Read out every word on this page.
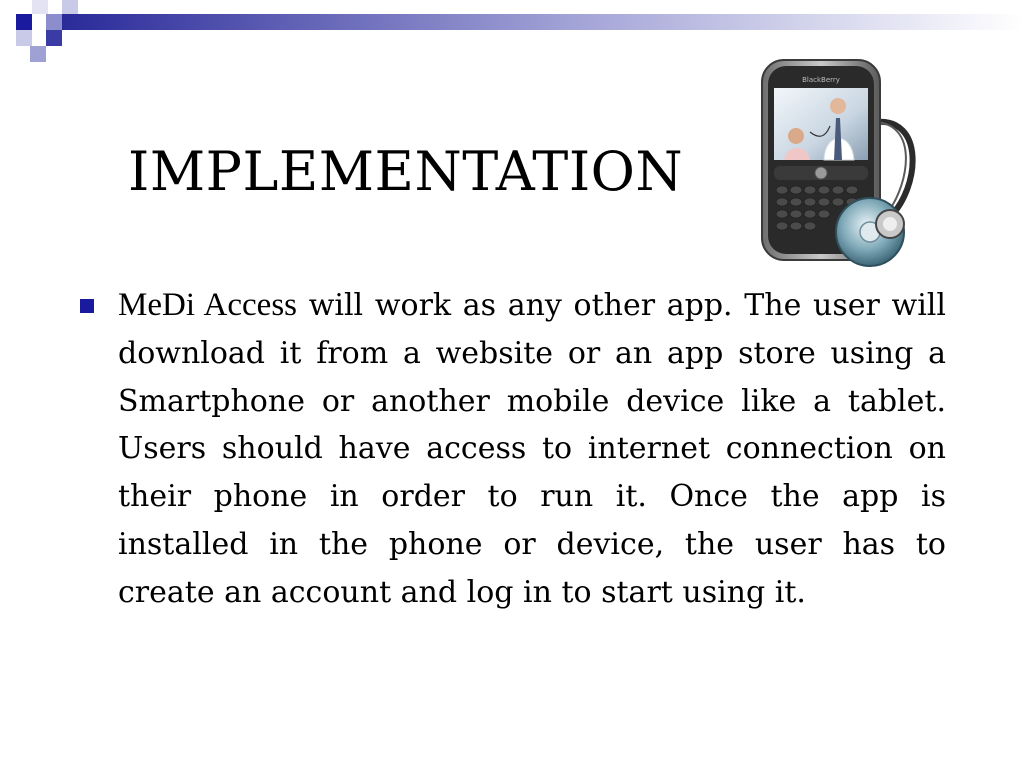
IMPLEMENTATION
BlackBerry

MeDi Access will work as any other app. The user will download it from a website or an app store using a Smartphone or another mobile device like a tablet. Users should have access to internet connection on their phone in order to run it. Once the app is installed in the phone or device, the user has to create an account and log in to start using it.
